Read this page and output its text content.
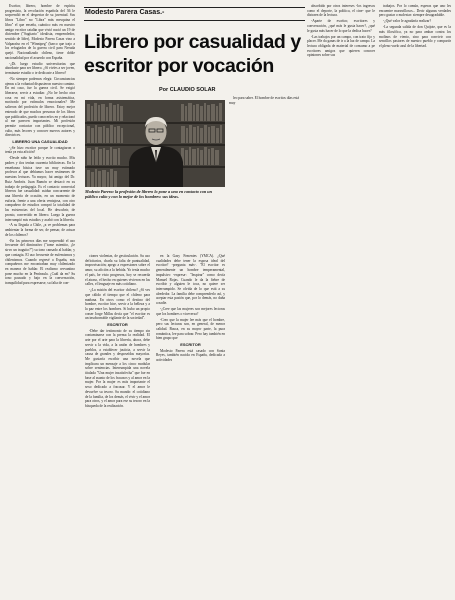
Escritor, librero, hombre de espíritu progresista, la revolución española del 36 le sorprendió en el despertar de su juventud. Sus libros "Libro" no "Libra" más mesquina el libro" el que enseña, cuántico más en nuestro amigo escritor catalán que vivió nació un 19 de diciembre ("Sagitario" idealista, emprendedor, sentido de líder), Modesto Parera Casas vino a Valparaíso en el "Winnipeg" (barco que trajo a los refugiados de la guerra civil para Neruda quejó. Nacionalizado chileno, tiene doble nacionalidad por el acuerdo con España.

-¿Di. luego estudio universitarias que abordaste para ser librero. ¿Sí vivíes a ser joven, terminaste estudio o te dedicaste a librero?

-No siempre podemos elegir. Circunstancias ajenas a la voluntad dispusieron nuestro camino. En mi caso, fue la guerra civil. Se exigió liberarse, servir a estudiar. ¿No he hecho otra cosa en mi vida, en forma asistemática, motivado por estímulos emocionales? Me salieron del profesión de librero. Estoy mejor enterado de que muchos personas de los libros que publicados, puedo conocerlos en y relacionó al me parecen importantes. Mi profesión permite contactar con público excepcional, culto, más lecores y conocer nuevos autores y directrices.

LIBRERO UNA CASUALIDAD

-¿Se hizo escritor porque le contagiaron o tenía ya esta afición?

-Desde niño he leído y escrito mucho. Mis padres y tíos tenían cuarenta bibliotecas. En la enseñanza básica tuve un muy estimado profesor al que debíamos hacer resúmenes de nuestras lecturas. Ya mayor, fui amigo del Dr. Ruiz Ambrós. Juan Ramón se destacó en su trabajo de pedagogía. Es el contacto comercial libreros fue casualidad: asiduo concurrente de una librería de ocasión, en un momento de euforia, frente a una oferta ventajosa, con otro compañero de estudios compró la totalidad de las existencias del local. He descubrir, de pronto, convertido en librero. Luego la guerra interrumpió mis estudios y acabó con la librería.

-A su llegada a Chile, ¿a ve problemas para ambientar la forma de ser, de pensar, de actuar de los chilenos?

-En los primeros días me sorprendió el uso frecuente del diminutivo ("tome asientito, ¿le sirvo un traguito?") su tono cansado al hablar, y que contagia. El uso frecuente de eufemismos y chilenismos. Cuando regresé a España, mis compañeros me encontraban muy chilenizado en manera de hablar. El realismo cervantino pone mucho en la Península. ¿Cuál da en? Su tono pausado y bajo en la conversación, tranquilidad para expresarse, su falta de con-

Modesto Parera Casas.-
Librero por casualidad y escritor por vocación
Por CLAUDIO SOLAR
Modesto Parera: la profesión de librero lo pone a uno en contacto con un público culto y con lo mejor de los hombres: sus ideas.

ciones violentas, de gesticulación. Su uso deficitarios, charla su falta de puntualidad, improvisación; apego a expresiones sobre el amor, su afición a la bebida. Yo tenía mucho el país, he visto progresos, hoy se recuerda el atraso, el hecho en quienes vivieron en las calles, el lenguaje en más cotidiano.

-¿La misión del escritor chileno? ¿Sí ves que cálido el tiempo que el chileno para mañana. En otros como el destino del hombre, escritor hice, servir a la belleza y a la paz entre los hombres. Si hubo un propio craser Jorge Millas decía que "el escritor es un insobornable vigilante de la sociedad".

ESCRITOR

-Debe dar testimonio de su tiempo sin contaminarse con la prensa la realidad. El arte por el arte para la librería, ahora, debe servir a la vida, a la unión de hombres y pueblos, a establecer justicia, a servir la causa de grandes y desposeídas mayorías. Me gustaría escribir una novela que implicara un mensaje a los cinco modular sobre sentencias. Interrumpida una novela titulada "Una mujer insatisfecha" que fue en base al asunto de los fracasos y al amor en la mujer. Por la mujer es más importante el sexo dedicado a fracasar. Y el amor le devuelve su tesoro. Su mundo: el cotidiano de la familia, de los demás, el vivir y el amor para otros, y el amor para ese su tesoro en la búsqueda de la realización.

en la Gasy Frmentes (YMCA). ¿Qué cualidades debe tener la esposa ideal del escritor? -pregunta más-. "El escritor es generalmente un hombre temperamental, impulsivo -expresa-. "Inspirar" como decía Manuel Rojas. Cuando le da la fiebre de escribir y alguien le toca, no quiere ser interrumpido. Se olvida de lo que está a su alrededor. La familia debe comprenderlo así, y aceptar esta pasión que, por lo demás, no daña a nadie.

-¿Cree que las mujeres son mejores lectoras que los hombres o viceversa?

-Creo que la mujer lee más que el hombre, pero sus lecturas son, en general, de menor calidad. Busca, en su mayor parte, la pura romántica, lee para sobrar. Pero hay también en bien grupo que

ESCRITOR

Modesto Parera está casado con Sonia Reyes, también nacida en España, dedicada a actividades

leo para saber. El hombre de escritos días está muy

absorbido por otros intereses -los ingresos como el deporte, la política, el cine- que le distraen de la lectura.

-Aparte de escritor, escritores y conversación, ¿qué más le gusta hacer?, ¿qué le gusta más hacer de lo que la dedica hacer?

-Las trabajos por un campo, con trato fijo y placer. Me da ganas de ir a la luz de campo. La lectura obligada de material de consumo a pe escritores amigos que quieren conocer opiniones sobre sus

trabajos. Por lo común, esperas que uno les encuentre maravillosos... Decir algunas verdades pero gustar o molestar: siempre desagradable.

-¿Qué valor le agradaría realizar?

-La segunda salida de don Quijote, que es la más filosófica, ya no para ambar contra los molinos de viento, sino para convivir con sencillos pastores de nuestro pueblo y compartir el pleno vuelo azul de la libertad.
